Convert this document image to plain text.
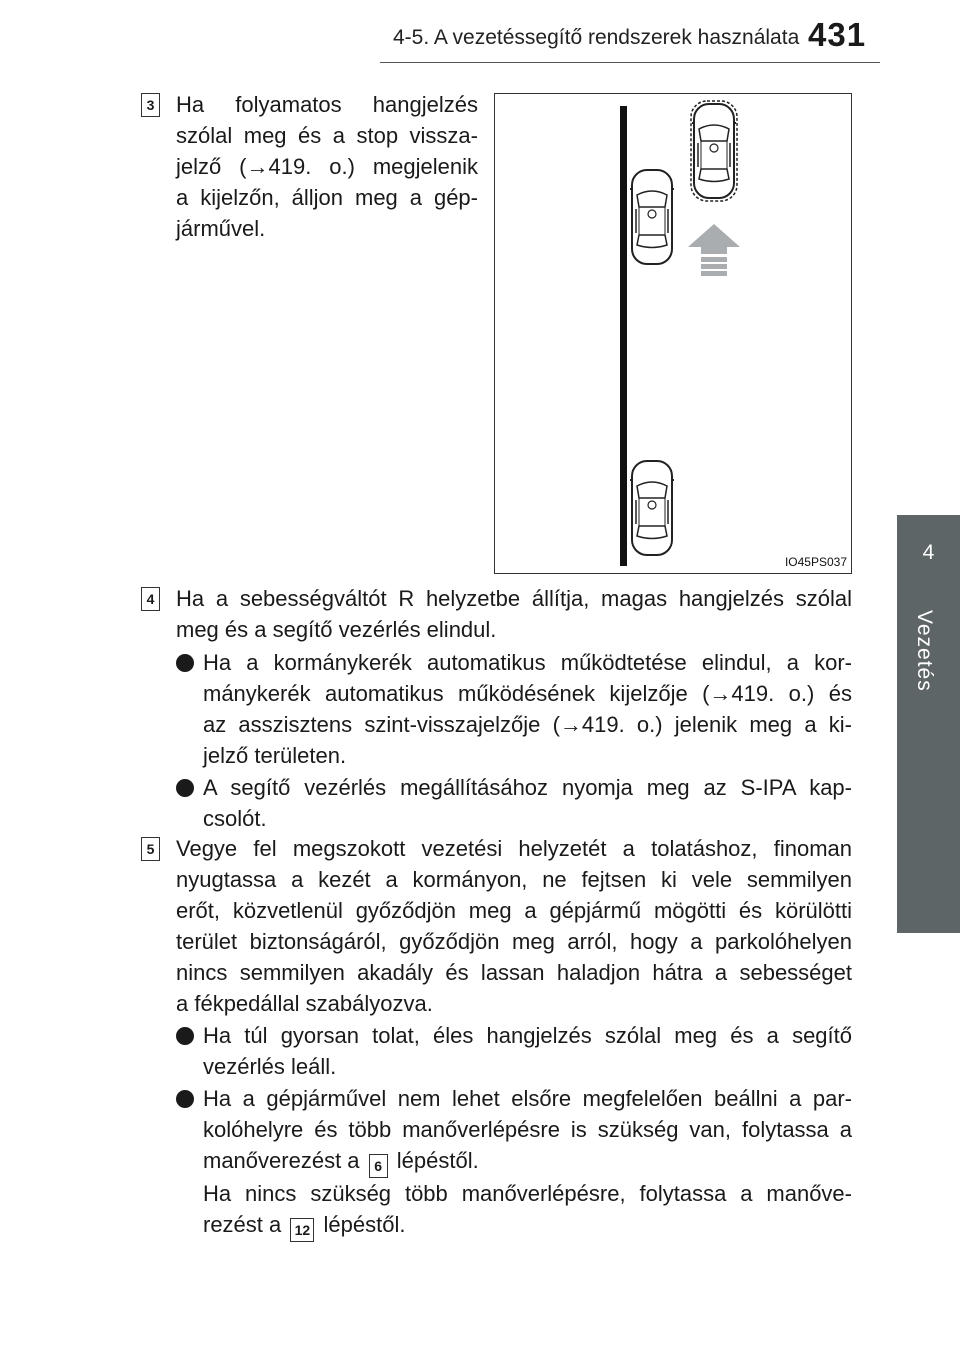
4-5. A vezetéssegítő rendszerek használata 431
4
Vezetés
3 Ha folyamatos hangjelzés
szólal meg és a stop vissza-
jelző (→419. o.) megjelenik
a kijelzőn, álljon meg a gép-
járművel.
IO45PS037
4 Ha a sebességváltót R helyzetbe állítja, magas hangjelzés szólal
meg és a segítő vezérlés elindul.
Ha a kormánykerék automatikus működtetése elindul, a kor-
mánykerék automatikus működésének kijelzője (→419. o.) és
az asszisztens szint-visszajelzője (→419. o.) jelenik meg a ki-
jelző területen.
A segítő vezérlés megállításához nyomja meg az S-IPA kap-
csolót.
5 Vegye fel megszokott vezetési helyzetét a tolatáshoz, finoman
nyugtassa a kezét a kormányon, ne fejtsen ki vele semmilyen
erőt, közvetlenül győződjön meg a gépjármű mögötti és körülötti
terület biztonságáról, győződjön meg arról, hogy a parkolóhelyen
nincs semmilyen akadály és lassan haladjon hátra a sebességet
a fékpedállal szabályozva.
Ha túl gyorsan tolat, éles hangjelzés szólal meg és a segítő
vezérlés leáll.
Ha a gépjárművel nem lehet elsőre megfelelően beállni a par-
kolóhelyre és több manőverlépésre is szükség van, folytassa a
manőverezést a 6 lépéstől.
Ha nincs szükség több manőverlépésre, folytassa a manőve-
rezést a 12 lépéstől.
